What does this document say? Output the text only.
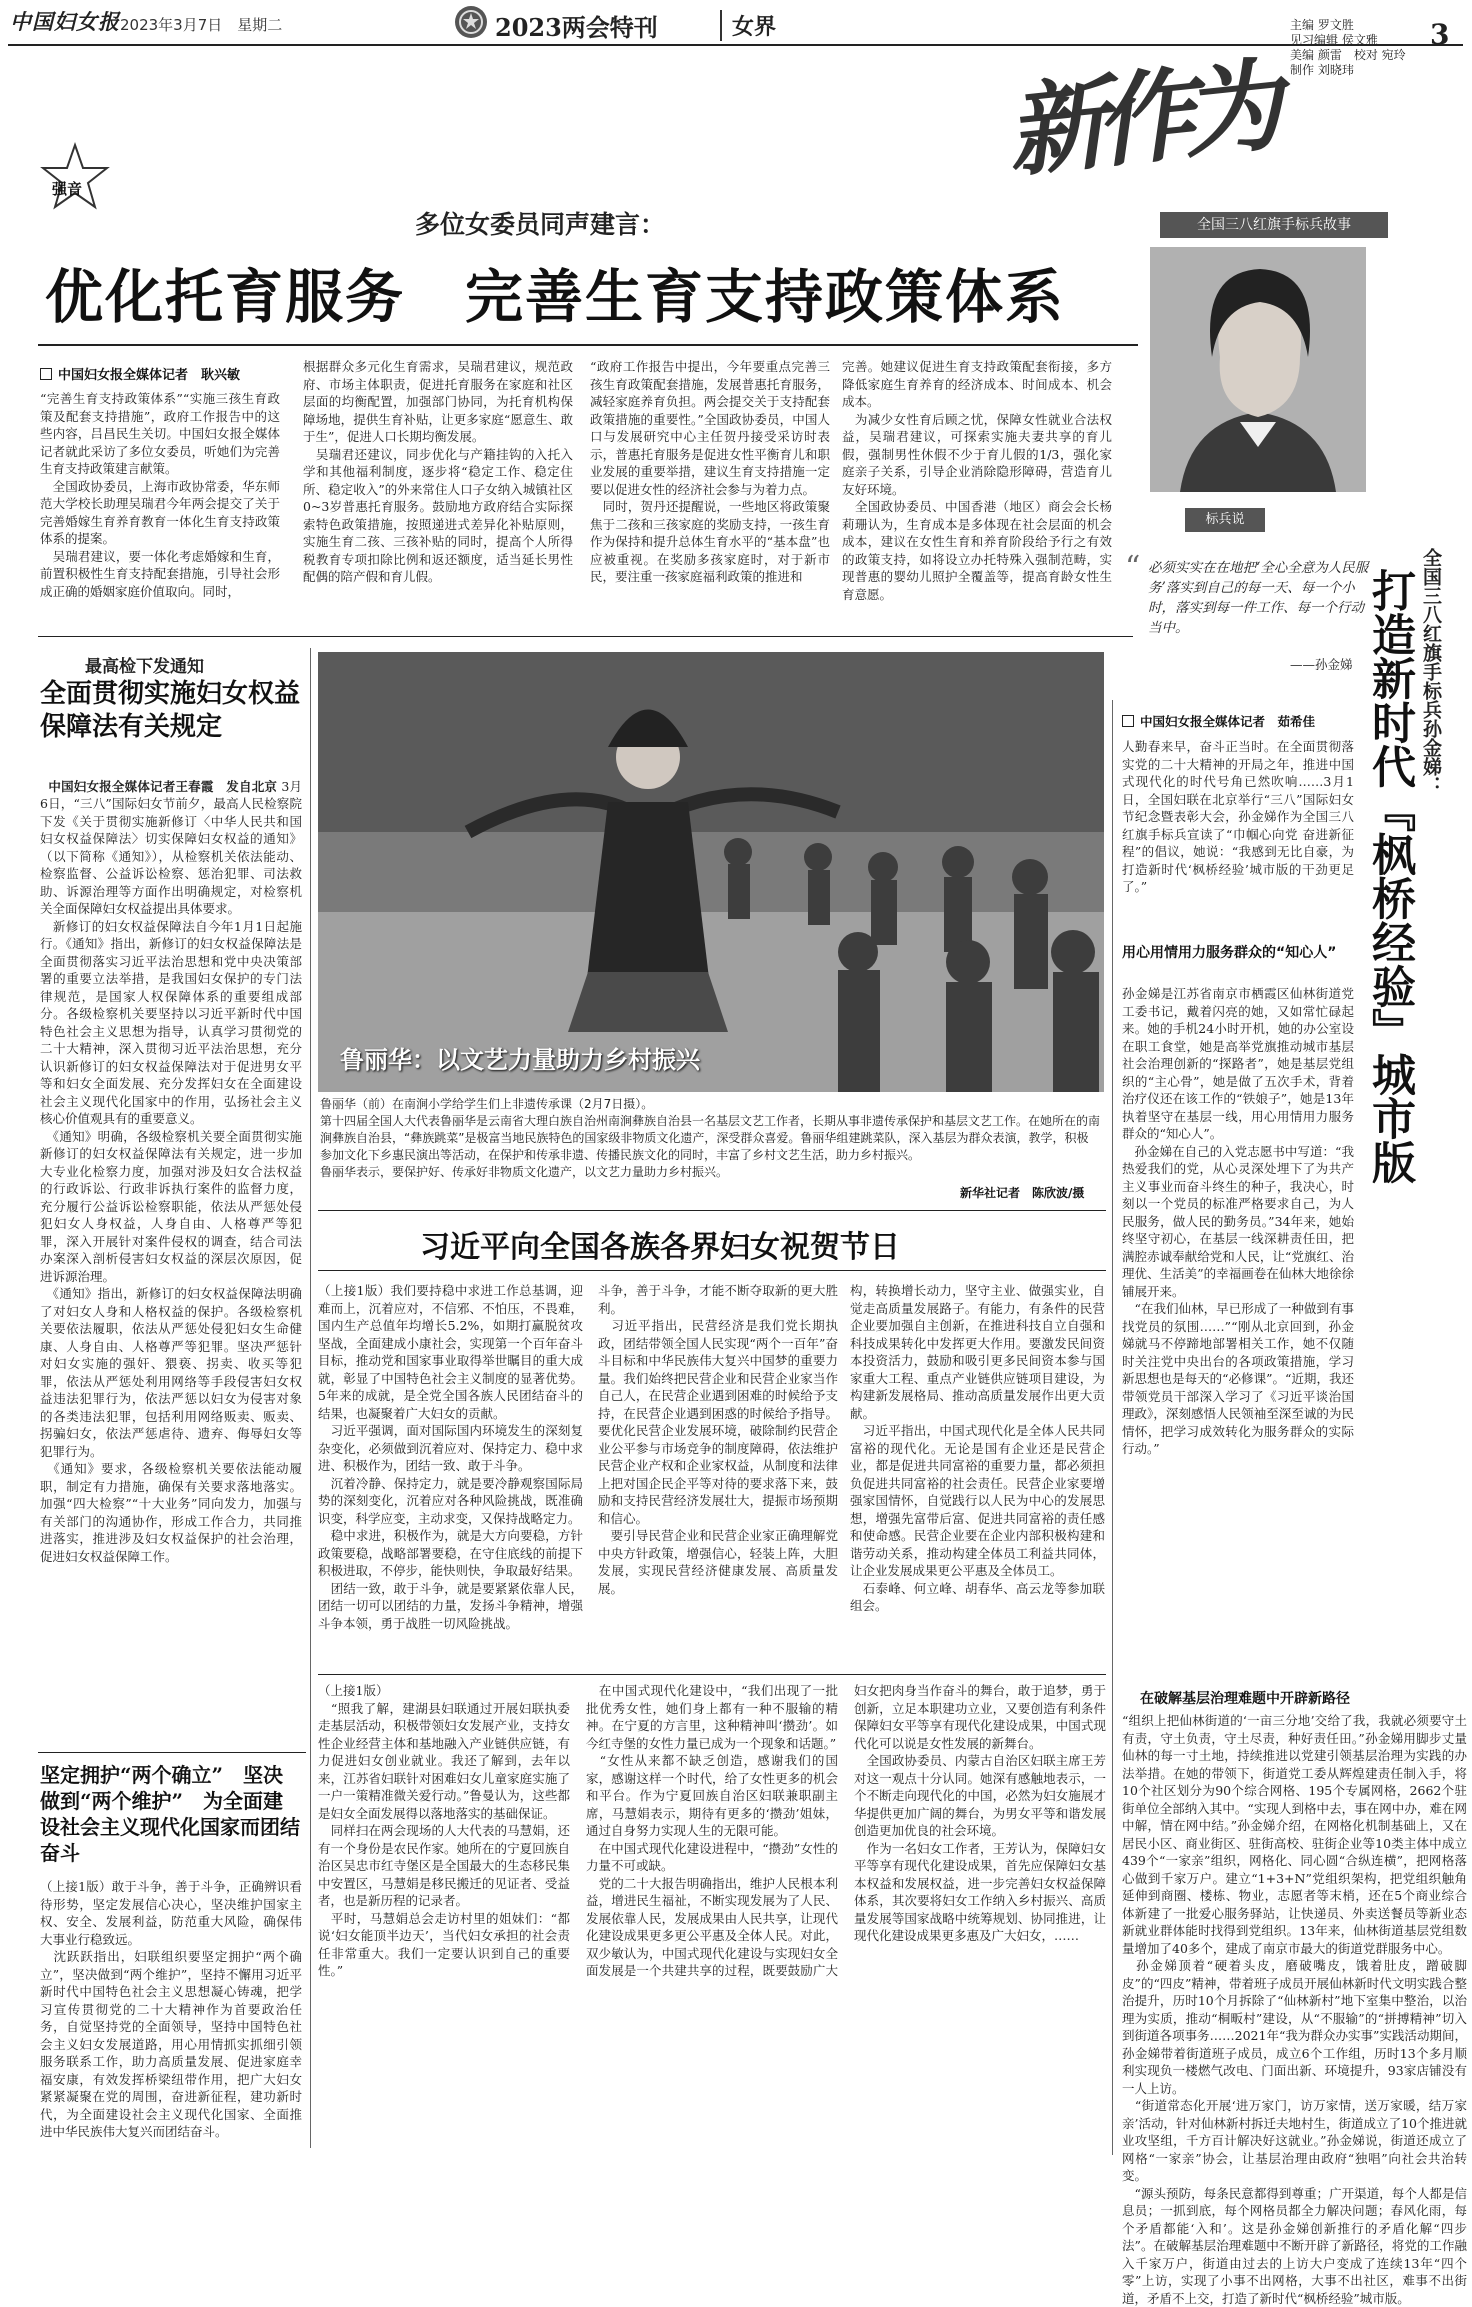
中国妇女报 2023年3月7日　星期二	2023两会特刊	女界	主编 罗文胜
见习编辑 侯文雅
美编 颜雷　校对 宛玲
制作 刘晓玮
3
新作为
强音
多位女委员同声建言：
优化托育服务　完善生育支持政策体系
中国妇女报全媒体记者　耿兴敏
“完善生育支持政策体系”“实施三孩生育政策及配套支持措施”，政府工作报告中的这些内容，吕昌民生关切。中国妇女报全媒体记者就此采访了多位女委员，听她们为完善生育支持政策建言献策。
　全国政协委员，上海市政协常委，华东师范大学校长助理吴瑞君今年两会提交了关于完善婚嫁生育养育教育一体化生育支持政策体系的提案。
　吴瑞君建议，要一体化考虑婚嫁和生育，前置积极性生育支持配套措施，引导社会形成正确的婚姻家庭价值取向。同时，
根据群众多元化生育需求，吴瑞君建议，规范政府、市场主体职责，促进托育服务在家庭和社区层面的均衡配置，加强部门协同，为托育机构保障场地，提供生育补贴，让更多家庭“愿意生、敢于生”，促进人口长期均衡发展。
　吴瑞君还建议，同步优化与产籍挂钩的入托入学和其他福利制度，逐步将“稳定工作、稳定住所、稳定收入”的外来常住人口子女纳入城镇社区0~3岁普惠托育服务。鼓励地方政府结合实际探索特色政策措施，按照递进式差异化补贴原则，实施生育二孩、三孩补贴的同时，提高个人所得税教育专项扣除比例和返还额度，适当延长男性配偶的陪产假和育儿假。
“政府工作报告中提出，今年要重点完善三孩生育政策配套措施，发展普惠托育服务，减轻家庭养育负担。两会提交关于支持配套政策措施的重要性。”全国政协委员，中国人口与发展研究中心主任贺丹接受采访时表示，普惠托育服务是促进女性平衡育儿和职业发展的重要举措，建议生育支持措施一定要以促进女性的经济社会参与为着力点。
　同时，贺丹还提醒说，一些地区将政策聚焦于二孩和三孩家庭的奖励支持，一孩生育作为保持和提升总体生育水平的“基本盘”也应被重视。在奖励多孩家庭时，对于新市民，要注重一孩家庭福利政策的推进和
完善。她建议促进生育支持政策配套衔接，多方降低家庭生育养育的经济成本、时间成本、机会成本。
　为减少女性育后顾之忧，保障女性就业合法权益，吴瑞君建议，可探索实施夫妻共享的育儿假，强制男性休假不少于育儿假的1/3，强化家庭亲子关系，引导企业消除隐形障碍，营造育儿友好环境。
　全国政协委员、中国香港（地区）商会会长杨莉珊认为，生育成本是多体现在社会层面的机会成本，建议在女性生育和养育阶段给予行之有效的政策支持，如将设立办托特殊入强制范畴，实现普惠的婴幼儿照护全覆盖等，提高育龄女性生育意愿。
全国三八红旗手标兵故事
标兵说
“ 必须实实在在地把‘全心全意为人民服务’落实到自己的每一天、每一个小时，落实到每一件工作、每一个行动当中。
——孙金娣	全国三八红旗手标兵孙金娣：
打造新时代『枫桥经验』城市版
中国妇女报全媒体记者　茹希佳
人勤春来早，奋斗正当时。在全面贯彻落实党的二十大精神的开局之年，推进中国式现代化的时代号角已然吹响……3月1日，全国妇联在北京举行“三八”国际妇女节纪念暨表彰大会，孙金娣作为全国三八红旗手标兵宣读了“巾帼心向党 奋进新征程”的倡议，她说：“我感到无比自豪，为打造新时代‘枫桥经验’城市版的干劲更足了。”
用心用情用力服务群众的“知心人”
孙金娣是江苏省南京市栖霞区仙林街道党工委书记，戴着闪亮的她，又如常忙碌起来。她的手机24小时开机，她的办公室设在职工食堂，她是高举党旗推动城市基层社会治理创新的“探路者”，她是基层党组织的“主心骨”，她是做了五次手术，背着治疗仪还在该工作的“铁娘子”，她是13年执着坚守在基层一线，用心用情用力服务群众的“知心人”。
　孙金娣在自己的入党志愿书中写道：“我热爱我们的党，从心灵深处埋下了为共产主义事业而奋斗终生的种子，我决心，时刻以一个党员的标准严格要求自己，为人民服务，做人民的勤务员。”34年来，她始终坚守初心，在基层一线深耕责任田，把满腔赤诚奉献给党和人民，让“党旗红、治理优、生活美”的幸福画卷在仙林大地徐徐铺展开来。
　“在我们仙林，早已形成了一种做到有事找党员的氛围……”“刚从北京回到，孙金娣就马不停蹄地部署相关工作，她不仅随时关注党中央出台的各项政策措施，学习新思想也是每天的“必修课”。“近期，我还带领党员干部深入学习了《习近平谈治国理政》，深刻感悟人民领袖至深至诚的为民情怀，把学习成效转化为服务群众的实际行动。”
在破解基层治理难题中开辟新路径
“组织上把仙林街道的‘一亩三分地’交给了我，我就必须要守土有责，守土负责，守土尽责，种好责任田。”孙金娣用脚步丈量仙林的每一寸土地，持续推进以党建引领基层治理为实践的办法举措。在她的带领下，街道党工委从辉煌建责任制入手，将10个社区划分为90个综合网格、195个专属网格，2662个驻街单位全部纳入其中。“实现人到格中去，事在网中办，难在网中解，情在网中结。”孙金娣介绍，在网格化机制基础上，又在居民小区、商业街区、驻街高校、驻街企业等10类主体中成立439个“一家亲”组织，网格化、同心圆“合纵连横”，把网格落心做到千家万户。建立“1+3+N”党组织架构，把党组织触角延伸到商圈、楼栋、物业，志愿者等末梢，还在5个商业综合体新建了一批爱心服务驿站，让快递员、外卖送餐员等新业态新就业群体能时找得到党组织。13年来，仙林街道基层党组数量增加了40多个，建成了南京市最大的街道党群服务中心。
　孙金娣顶着“硬着头皮，磨破嘴皮，饿着肚皮，蹭破脚皮”的“四皮”精神，带着班子成员开展仙林新时代文明实践合整治提升，历时10个月拆除了“仙林新村”地下室集中整治，以治理为实质，推动“桐畈村”建设，从“不服输”的“拼搏精神”切入到街道各项事务……2021年“我为群众办实事”实践活动期间，孙金娣带着街道班子成员，成立6个工作组，历时13个多月顺利实现负一楼燃气改电、门面出新、环境提升，93家店铺没有一人上访。
　“街道常态化开展‘进万家门，访万家情，送万家暖，结万家亲’活动，针对仙林新村拆迁夫地村生，街道成立了10个推进就业攻坚组，千方百计解决好这就业。”孙金娣说，街道还成立了网格“一家亲”协会，让基层治理由政府“独唱”向社会共治转变。
　“源头预防，每条民意都得到尊重；广开渠道，每个人都是信息员；一抓到底，每个网格员都全力解决问题；春风化雨，每个矛盾都能‘入和’。这是孙金娣创新推行的矛盾化解“四步法”。在破解基层治理难题中不断开辟了新路径，将党的工作融入千家万户，街道由过去的上访大户变成了连续13年“四个零”上访，实现了小事不出网格，大事不出社区，难事不出街道，矛盾不上交，打造了新时代“枫桥经验”城市版。
最高检下发通知
全面贯彻实施妇女权益保障法有关规定

中国妇女报全媒体记者王春霞　发自北京 3月6日，“三八”国际妇女节前夕，最高人民检察院下发《关于贯彻实施新修订〈中华人民共和国妇女权益保障法〉切实保障妇女权益的通知》（以下简称《通知》），从检察机关依法能动、检察监督、公益诉讼检察、惩治犯罪、司法救助、诉源治理等方面作出明确规定，对检察机关全面保障妇女权益提出具体要求。
　新修订的妇女权益保障法自今年1月1日起施行。《通知》指出，新修订的妇女权益保障法是全面贯彻落实习近平法治思想和党中央决策部署的重要立法举措，是我国妇女保护的专门法律规范，是国家人权保障体系的重要组成部分。各级检察机关要坚持以习近平新时代中国特色社会主义思想为指导，认真学习贯彻党的二十大精神，深入贯彻习近平法治思想，充分认识新修订的妇女权益保障法对于促进男女平等和妇女全面发展、充分发挥妇女在全面建设社会主义现代化国家中的作用，弘扬社会主义核心价值观具有的重要意义。
　《通知》明确，各级检察机关要全面贯彻实施新修订的妇女权益保障法有关规定，进一步加大专业化检察力度，加强对涉及妇女合法权益的行政诉讼、行政非诉执行案件的监督力度，充分履行公益诉讼检察职能，依法从严惩处侵犯妇女人身权益，人身自由、人格尊严等犯罪，深入开展针对案件侵权的调查，结合司法办案深入剖析侵害妇女权益的深层次原因，促进诉源治理。
　《通知》指出，新修订的妇女权益保障法明确了对妇女人身和人格权益的保护。各级检察机关要依法履职，依法从严惩处侵犯妇女生命健康、人身自由、人格尊严等犯罪。坚决严惩针对妇女实施的强奸、猥亵、拐卖、收买等犯罪，依法从严惩处利用网络等手段侵害妇女权益违法犯罪行为，依法严惩以妇女为侵害对象的各类违法犯罪，包括利用网络贩卖、贩卖、拐骗妇女，依法严惩虐待、遗弃、侮辱妇女等犯罪行为。
　《通知》要求，各级检察机关要依法能动履职，制定有力措施，确保有关要求落地落实。加强“四大检察”“十大业务”同向发力，加强与有关部门的沟通协作，形成工作合力，共同推进落实，推进涉及妇女权益保护的社会治理，促进妇女权益保障工作。

鲁丽华：以文艺力量助力乡村振兴
鲁丽华（前）在南涧小学给学生们上非遗传承课（2月7日摄）。
第十四届全国人大代表鲁丽华是云南省大理白族自治州南涧彝族自治县一名基层文艺工作者，长期从事非遗传承保护和基层文艺工作。在她所在的南涧彝族自治县，“彝族跳菜”是极富当地民族特色的国家级非物质文化遗产，深受群众喜爱。鲁丽华组建跳菜队，深入基层为群众表演，教学，积极参加文化下乡惠民演出等活动，在保护和传承非遗、传播民族文化的同时，丰富了乡村文艺生活，助力乡村振兴。
鲁丽华表示，要保护好、传承好非物质文化遗产，以文艺力量助力乡村振兴。
新华社记者　陈欣波/摄
习近平向全国各族各界妇女祝贺节日
（上接1版）我们要持稳中求进工作总基调，迎难而上，沉着应对，不信邪、不怕压，不畏难，国内生产总值年均增长5.2%，如期打赢脱贫攻坚战，全面建成小康社会，实现第一个百年奋斗目标，推动党和国家事业取得举世瞩目的重大成就，彰显了中国特色社会主义制度的显著优势。5年来的成就，是全党全国各族人民团结奋斗的结果，也凝聚着广大妇女的贡献。
　习近平强调，面对国际国内环境发生的深刻复杂变化，必须做到沉着应对、保持定力、稳中求进、积极作为，团结一致、敢于斗争。
　沉着冷静、保持定力，就是要冷静观察国际局势的深刻变化，沉着应对各种风险挑战，既准确识变，科学应变，主动求变，又保持战略定力。
　稳中求进，积极作为，就是大方向要稳，方针政策要稳，战略部署要稳，在守住底线的前提下积极进取，不停步，能快则快，争取最好结果。
　团结一致，敢于斗争，就是要紧紧依靠人民，团结一切可以团结的力量，发扬斗争精神，增强斗争本领，勇于战胜一切风险挑战。
斗争，善于斗争，才能不断夺取新的更大胜利。
　习近平指出，民营经济是我们党长期执政，团结带领全国人民实现“两个一百年”奋斗目标和中华民族伟大复兴中国梦的重要力量。我们始终把民营企业和民营企业家当作自己人，在民营企业遇到困难的时候给予支持，在民营企业遇到困惑的时候给予指导。要优化民营企业发展环境，破除制约民营企业公平参与市场竞争的制度障碍，依法维护民营企业产权和企业家权益，从制度和法律上把对国企民企平等对待的要求落下来，鼓励和支持民营经济发展壮大，提振市场预期和信心。
　要引导民营企业和民营企业家正确理解党中央方针政策，增强信心，轻装上阵，大胆发展，实现民营经济健康发展、高质量发展。
构，转换增长动力，坚守主业、做强实业，自觉走高质量发展路子。有能力，有条件的民营企业要加强自主创新，在推进科技自立自强和科技成果转化中发挥更大作用。要激发民间资本投资活力，鼓励和吸引更多民间资本参与国家重大工程、重点产业链供应链项目建设，为构建新发展格局、推动高质量发展作出更大贡献。
　习近平指出，中国式现代化是全体人民共同富裕的现代化。无论是国有企业还是民营企业，都是促进共同富裕的重要力量，都必须担负促进共同富裕的社会责任。民营企业家要增强家国情怀，自觉践行以人民为中心的发展思想，增强先富带后富、促进共同富裕的责任感和使命感。民营企业要在企业内部积极构建和谐劳动关系，推动构建全体员工利益共同体，让企业发展成果更公平惠及全体员工。
　石泰峰、何立峰、胡春华、高云龙等参加联组会。
（上接1版）
　“照我了解，建湖县妇联通过开展妇联执委走基层活动，积极带领妇女发展产业，支持女性企业经营主体和基地融入产业链供应链，有力促进妇女创业就业。我还了解到，去年以来，江苏省妇联针对困难妇女儿童家庭实施了一户一策精准微关爱行动。”鲁曼认为，这些都是妇女全面发展得以落地落实的基础保证。
　同样扫在两会现场的人大代表的马慧娟，还有一个身份是农民作家。她所在的宁夏回族自治区吴忠市红寺堡区是全国最大的生态移民集中安置区，马慧娟是移民搬迁的见证者、受益者，也是新历程的记录者。
　平时，马慧娟总会走访村里的姐妹们：“都说‘妇女能顶半边天’，当代妇女承担的社会责任非常重大。我们一定要认识到自己的重要性。”
　在中国式现代化建设中，“我们出现了一批批优秀女性，她们身上都有一种不服输的精神。在宁夏的方言里，这种精神叫‘攒劲’。如今红寺堡的女性力量已成为一个现象和话题。”
　“女性从来都不缺乏创造，感谢我们的国家，感谢这样一个时代，给了女性更多的机会和平台。作为宁夏回族自治区妇联兼职副主席，马慧娟表示，期待有更多的‘攒劲’姐妹，通过自身努力实现人生的无限可能。
　在中国式现代化建设进程中，“攒劲”女性的力量不可或缺。
　党的二十大报告明确指出，维护人民根本利益，增进民生福祉，不断实现发展为了人民、发展依靠人民，发展成果由人民共享，让现代化建设成果更多更公平惠及全体人民。对此，双少敏认为，中国式现代化建设与实现妇女全面发展是一个共建共享的过程，既要鼓励广大妇女把肉身当作奋斗的舞台，敢于追梦，勇于创新，立足本职建功立业，又要创造有利条件保障妇女平等享有现代化建设成果，中国式现代化可以说是女性发展的新舞台。
　全国政协委员、内蒙古自治区妇联主席王芳对这一观点十分认同。她深有感触地表示，一个不断走向现代化的中国，必然为妇女施展才华提供更加广阔的舞台，为男女平等和谐发展创造更加优良的社会环境。
　作为一名妇女工作者，王芳认为，保障妇女平等享有现代化建设成果，首先应保障妇女基本权益和发展权益，进一步完善妇女权益保障体系，其次要将妇女工作纳入乡村振兴、高质量发展等国家战略中统筹规划、协同推进，让现代化建设成果更多惠及广大妇女，……
坚定拥护“两个确立”　坚决做到“两个维护”　为全面建设社会主义现代化国家而团结奋斗
（上接1版）敢于斗争，善于斗争，正确辨识看待形势，坚定发展信心决心，坚决维护国家主权、安全、发展利益，防范重大风险，确保伟大事业行稳致远。
　沈跃跃指出，妇联组织要坚定拥护“两个确立”，坚决做到“两个维护”，坚持不懈用习近平新时代中国特色社会主义思想凝心铸魂，把学习宣传贯彻党的二十大精神作为首要政治任务，自觉坚持党的全面领导，坚持中国特色社会主义妇女发展道路，用心用情抓实抓细引领服务联系工作，助力高质量发展、促进家庭幸福安康，有效发挥桥梁纽带作用，把广大妇女紧紧凝聚在党的周围，奋进新征程，建功新时代，为全面建设社会主义现代化国家、全面推进中华民族伟大复兴而团结奋斗。
